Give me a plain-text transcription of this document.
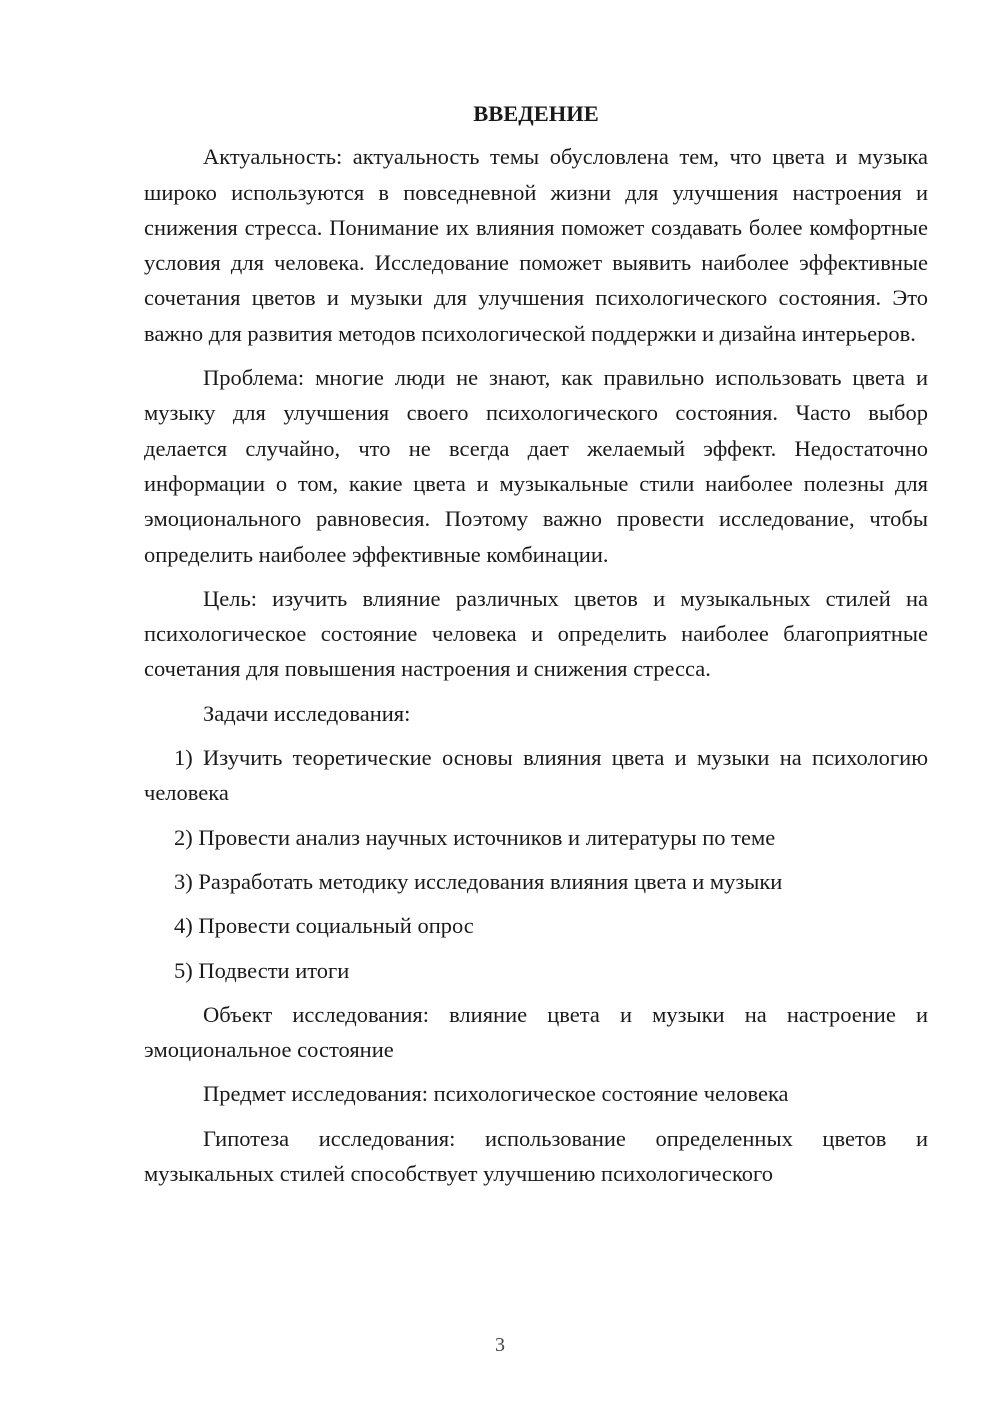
ВВЕДЕНИЕ

Актуальность: актуальность темы обусловлена тем, что цвета и музыка широко используются в повседневной жизни для улучшения настроения и снижения стресса. Понимание их влияния поможет создавать более комфортные условия для человека. Исследование поможет выявить наиболее эффективные сочетания цветов и музыки для улучшения психологического состояния. Это важно для развития методов психологической поддержки и дизайна интерьеров.

Проблема: многие люди не знают, как правильно использовать цвета и музыку для улучшения своего психологического состояния. Часто выбор делается случайно, что не всегда дает желаемый эффект. Недостаточно информации о том, какие цвета и музыкальные стили наиболее полезны для эмоционального равновесия. Поэтому важно провести исследование, чтобы определить наиболее эффективные комбинации.

Цель: изучить влияние различных цветов и музыкальных стилей на психологическое состояние человека и определить наиболее благоприятные сочетания для повышения настроения и снижения стресса.

Задачи исследования:

1) Изучить теоретические основы влияния цвета и музыки на психологию человека

2) Провести анализ научных источников и литературы по теме

3) Разработать методику исследования влияния цвета и музыки

4) Провести социальный опрос

5) Подвести итоги

Объект исследования: влияние цвета и музыки на настроение и эмоциональное состояние

Предмет исследования: психологическое состояние человека

Гипотеза исследования: использование определенных цветов и музыкальных стилей способствует улучшению психологического

3
